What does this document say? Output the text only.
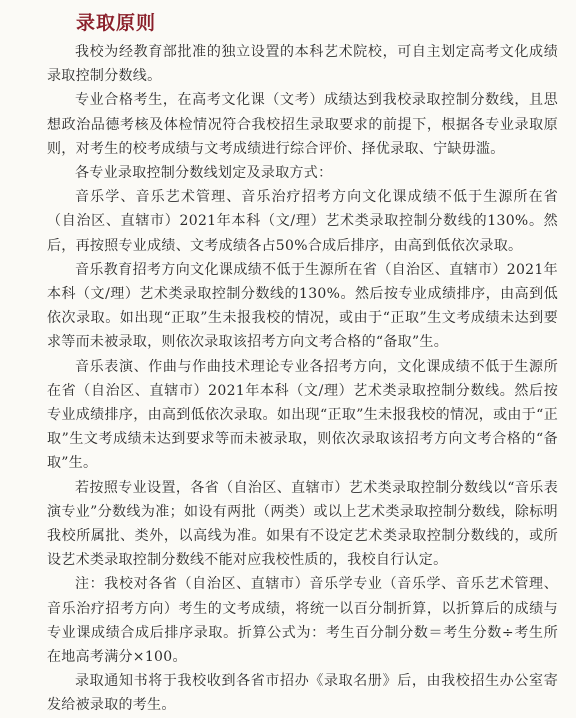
录取原则

我校为经教育部批准的独立设置的本科艺术院校，可自主划定高考文化成绩录取控制分数线。

专业合格考生，在高考文化课（文考）成绩达到我校录取控制分数线，且思想政治品德考核及体检情况符合我校招生录取要求的前提下，根据各专业录取原则，对考生的校考成绩与文考成绩进行综合评价、择优录取、宁缺毋滥。

各专业录取控制分数线划定及录取方式：

音乐学、音乐艺术管理、音乐治疗招考方向文化课成绩不低于生源所在省（自治区、直辖市）2021年本科（文/理）艺术类录取控制分数线的130%。然后，再按照专业成绩、文考成绩各占50%合成后排序，由高到低依次录取。

音乐教育招考方向文化课成绩不低于生源所在省（自治区、直辖市）2021年本科（文/理）艺术类录取控制分数线的130%。然后按专业成绩排序，由高到低依次录取。如出现“正取”生未报我校的情况，或由于“正取”生文考成绩未达到要求等而未被录取，则依次录取该招考方向文考合格的“备取”生。

音乐表演、作曲与作曲技术理论专业各招考方向，文化课成绩不低于生源所在省（自治区、直辖市）2021年本科（文/理）艺术类录取控制分数线。然后按专业成绩排序，由高到低依次录取。如出现“正取”生未报我校的情况，或由于“正取”生文考成绩未达到要求等而未被录取，则依次录取该招考方向文考合格的“备取”生。

若按照专业设置，各省（自治区、直辖市）艺术类录取控制分数线以“音乐表演专业”分数线为准；如设有两批（两类）或以上艺术类录取控制分数线，除标明我校所属批、类外，以高线为准。如果有不设定艺术类录取控制分数线的，或所设艺术类录取控制分数线不能对应我校性质的，我校自行认定。

注：我校对各省（自治区、直辖市）音乐学专业（音乐学、音乐艺术管理、音乐治疗招考方向）考生的文考成绩，将统一以百分制折算，以折算后的成绩与专业课成绩合成后排序录取。折算公式为：考生百分制分数＝考生分数÷考生所在地高考满分×100。

录取通知书将于我校收到各省市招办《录取名册》后，由我校招生办公室寄发给被录取的考生。
